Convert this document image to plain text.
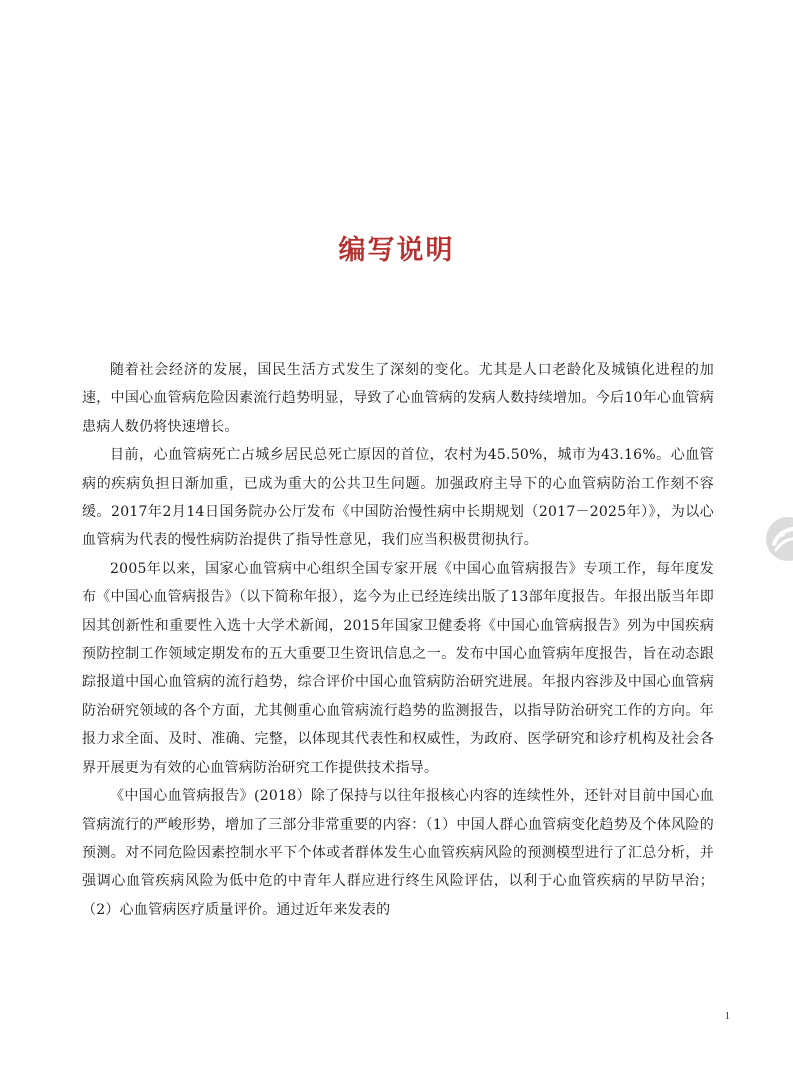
编写说明

随着社会经济的发展，国民生活方式发生了深刻的变化。尤其是人口老龄化及城镇化进程的加速，中国心血管病危险因素流行趋势明显，导致了心血管病的发病人数持续增加。今后10年心血管病患病人数仍将快速增长。

目前，心血管病死亡占城乡居民总死亡原因的首位，农村为45.50%，城市为43.16%。心血管病的疾病负担日渐加重，已成为重大的公共卫生问题。加强政府主导下的心血管病防治工作刻不容缓。2017年2月14日国务院办公厅发布《中国防治慢性病中长期规划（2017－2025年）》，为以心血管病为代表的慢性病防治提供了指导性意见，我们应当积极贯彻执行。

2005年以来，国家心血管病中心组织全国专家开展《中国心血管病报告》专项工作，每年度发布《中国心血管病报告》（以下简称年报），迄今为止已经连续出版了13部年度报告。年报出版当年即因其创新性和重要性入选十大学术新闻，2015年国家卫健委将《中国心血管病报告》列为中国疾病预防控制工作领域定期发布的五大重要卫生资讯信息之一。发布中国心血管病年度报告，旨在动态跟踪报道中国心血管病的流行趋势，综合评价中国心血管病防治研究进展。年报内容涉及中国心血管病防治研究领域的各个方面，尤其侧重心血管病流行趋势的监测报告，以指导防治研究工作的方向。年报力求全面、及时、准确、完整，以体现其代表性和权威性，为政府、医学研究和诊疗机构及社会各界开展更为有效的心血管病防治研究工作提供技术指导。

《中国心血管病报告》(2018）除了保持与以往年报核心内容的连续性外，还针对目前中国心血管病流行的严峻形势，增加了三部分非常重要的内容：（1）中国人群心血管病变化趋势及个体风险的预测。对不同危险因素控制水平下个体或者群体发生心血管疾病风险的预测模型进行了汇总分析，并强调心血管疾病风险为低中危的中青年人群应进行终生风险评估，以利于心血管疾病的早防早治；（2）心血管病医疗质量评价。通过近年来发表的

1
